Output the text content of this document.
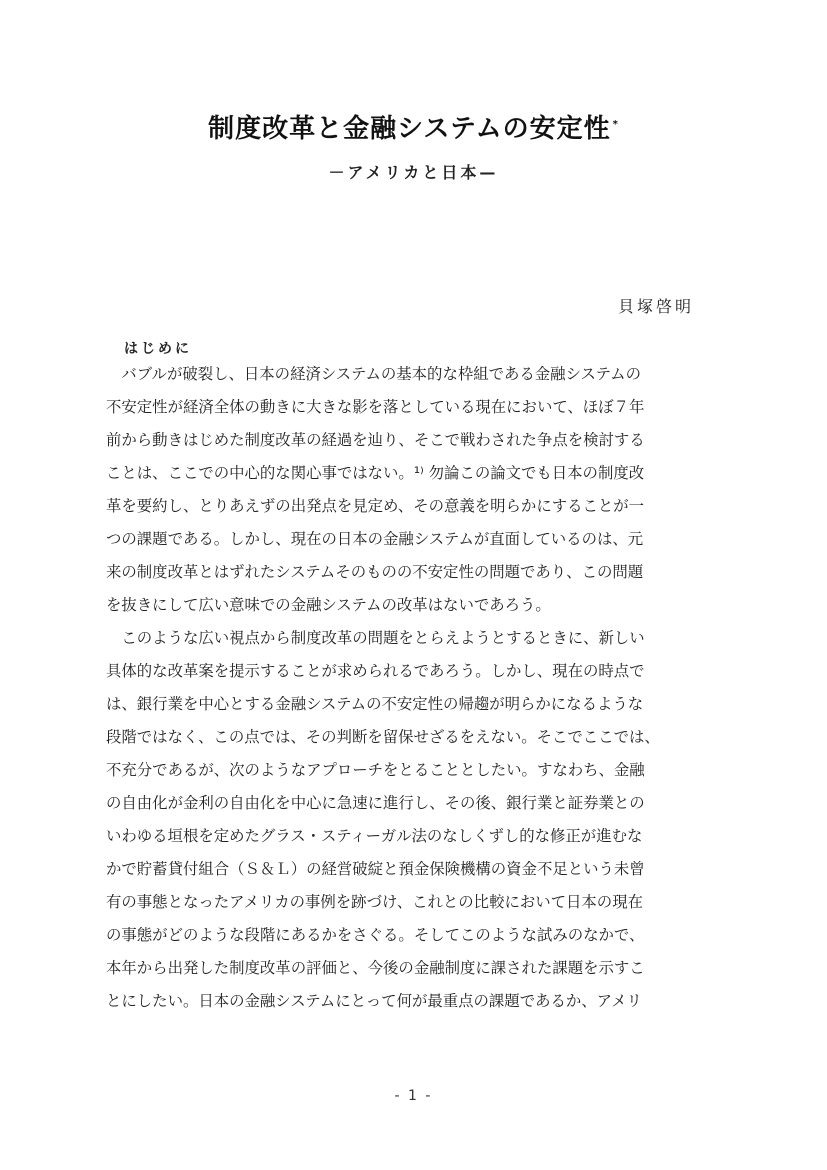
制度改革と金融システムの安定性 *
－アメリカと日本—
貝塚啓明
はじめに
　バブルが破裂し、日本の経済システムの基本的な枠組である金融システムの
不安定性が経済全体の動きに大きな影を落としている現在において、ほぼ７年
前から動きはじめた制度改革の経過を辿り、そこで戦わされた争点を検討する
ことは、ここでの中心的な関心事ではない。¹⁾ 勿論この論文でも日本の制度改
革を要約し、とりあえずの出発点を見定め、その意義を明らかにすることが一
つの課題である。しかし、現在の日本の金融システムが直面しているのは、元
来の制度改革とはずれたシステムそのものの不安定性の問題であり、この問題
を抜きにして広い意味での金融システムの改革はないであろう。
　このような広い視点から制度改革の問題をとらえようとするときに、新しい
具体的な改革案を提示することが求められるであろう。しかし、現在の時点で
は、銀行業を中心とする金融システムの不安定性の帰趨が明らかになるような
段階ではなく、この点では、その判断を留保せざるをえない。そこでここでは、
不充分であるが、次のようなアプローチをとることとしたい。すなわち、金融
の自由化が金利の自由化を中心に急速に進行し、その後、銀行業と証券業との
いわゆる垣根を定めたグラス・スティーガル法のなしくずし的な修正が進むな
かで貯蓄貸付組合（Ｓ＆Ｌ）の経営破綻と預金保険機構の資金不足という未曾
有の事態となったアメリカの事例を跡づけ、これとの比較において日本の現在
の事態がどのような段階にあるかをさぐる。そしてこのような試みのなかで、
本年から出発した制度改革の評価と、今後の金融制度に課された課題を示すこ
とにしたい。日本の金融システムにとって何が最重点の課題であるか、アメリ
- 1 -
